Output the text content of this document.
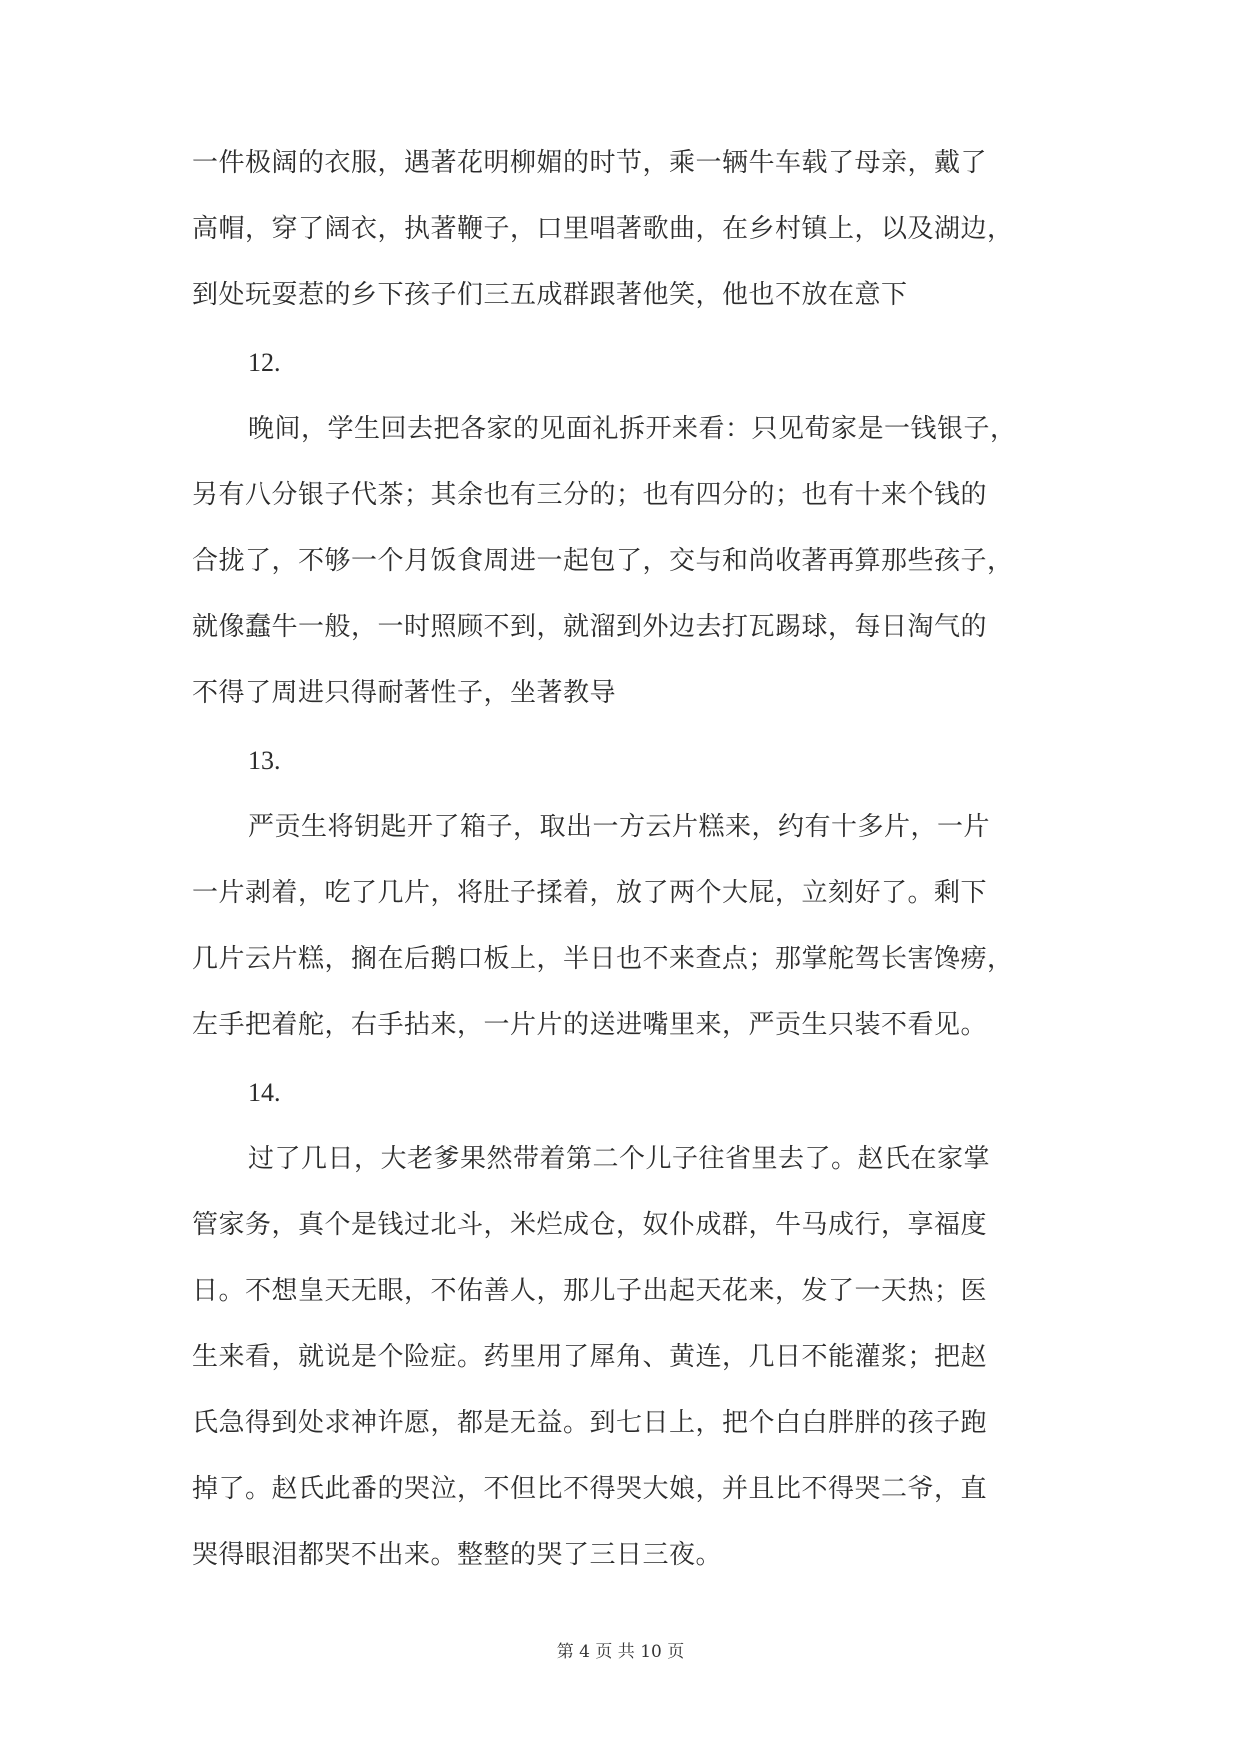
一件极阔的衣服，遇著花明柳媚的时节，乘一辆牛车载了母亲，戴了
高帽，穿了阔衣，执著鞭子，口里唱著歌曲，在乡村镇上，以及湖边，
到处玩耍惹的乡下孩子们三五成群跟著他笑，他也不放在意下
12.
晚间，学生回去把各家的见面礼拆开来看：只见荀家是一钱银子，
另有八分银子代茶；其余也有三分的；也有四分的；也有十来个钱的
合拢了，不够一个月饭食周进一起包了，交与和尚收著再算那些孩子，
就像蠢牛一般，一时照顾不到，就溜到外边去打瓦踢球，每日淘气的
不得了周进只得耐著性子，坐著教导
13.
严贡生将钥匙开了箱子，取出一方云片糕来，约有十多片，一片
一片剥着，吃了几片，将肚子揉着，放了两个大屁，立刻好了。剩下
几片云片糕，搁在后鹅口板上，半日也不来查点；那掌舵驾长害馋痨，
左手把着舵，右手拈来，一片片的送进嘴里来，严贡生只装不看见。
14.
过了几日，大老爹果然带着第二个儿子往省里去了。赵氏在家掌
管家务，真个是钱过北斗，米烂成仓，奴仆成群，牛马成行，享福度
日。不想皇天无眼，不佑善人，那儿子出起天花来，发了一天热；医
生来看，就说是个险症。药里用了犀角、黄连，几日不能灌浆；把赵
氏急得到处求神许愿，都是无益。到七日上，把个白白胖胖的孩子跑
掉了。赵氏此番的哭泣，不但比不得哭大娘，并且比不得哭二爷，直
哭得眼泪都哭不出来。整整的哭了三日三夜。
第 4 页 共 10 页
